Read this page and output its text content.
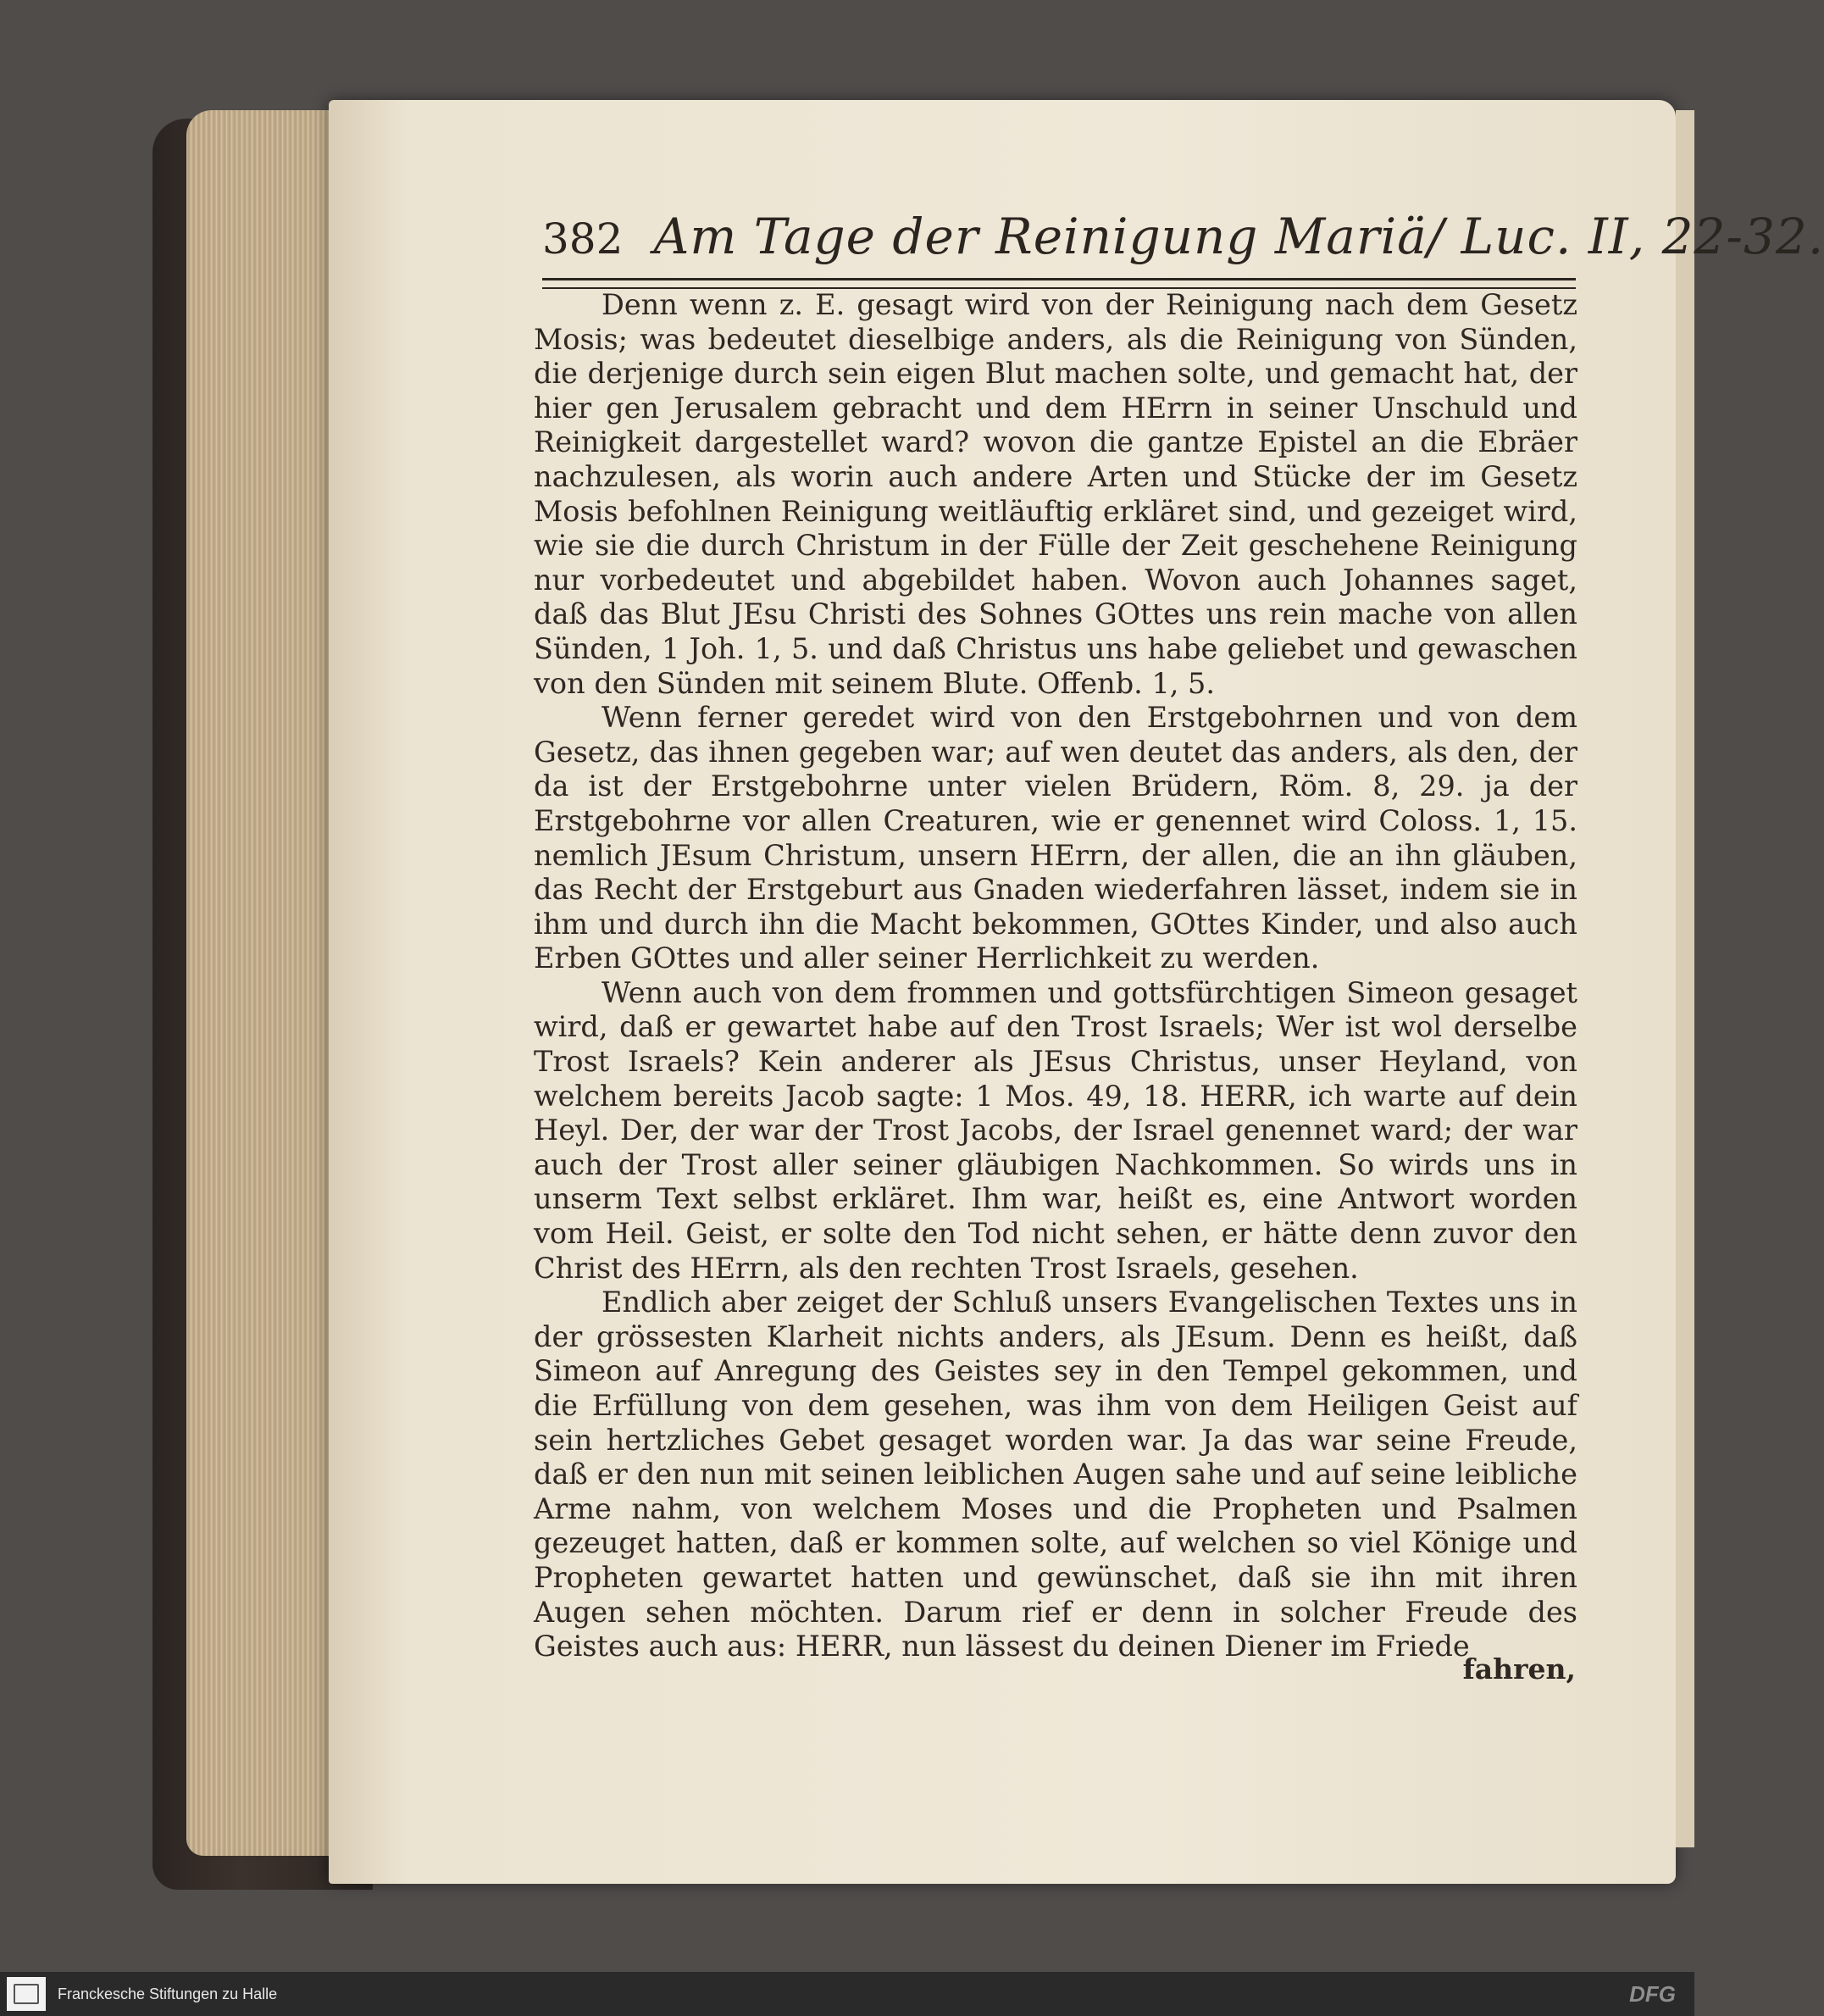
382 Am Tage der Reinigung Mariä/ Luc. II, 22-32.

Denn wenn z. E. gesagt wird von der Reinigung nach dem Gesetz Mosis; was bedeutet dieselbige anders, als die Reinigung von Sünden, die derjenige durch sein eigen Blut machen solte, und gemacht hat, der hier gen Jerusalem gebracht und dem HErrn in seiner Unschuld und Reinigkeit dargestellet ward? wovon die gantze Epistel an die Ebräer nachzulesen, als worin auch andere Arten und Stücke der im Gesetz Mosis befohlnen Reinigung weitläuftig erkläret sind, und gezeiget wird, wie sie die durch Christum in der Fülle der Zeit geschehene Reinigung nur vorbedeutet und abgebildet haben. Wovon auch Johannes saget, daß das Blut JEsu Christi des Sohnes GOttes uns rein mache von allen Sünden, 1 Joh. 1, 5. und daß Christus uns habe geliebet und gewaschen von den Sünden mit seinem Blute. Offenb. 1, 5.

Wenn ferner geredet wird von den Erstgebohrnen und von dem Gesetz, das ihnen gegeben war; auf wen deutet das anders, als den, der da ist der Erstgebohrne unter vielen Brüdern, Röm. 8, 29. ja der Erstgebohrne vor allen Creaturen, wie er genennet wird Coloss. 1, 15. nemlich JEsum Christum, unsern HErrn, der allen, die an ihn gläuben, das Recht der Erstgeburt aus Gnaden wiederfahren lässet, indem sie in ihm und durch ihn die Macht bekommen, GOttes Kinder, und also auch Erben GOttes und aller seiner Herrlichkeit zu werden.

Wenn auch von dem frommen und gottsfürchtigen Simeon gesaget wird, daß er gewartet habe auf den Trost Israels; Wer ist wol derselbe Trost Israels? Kein anderer als JEsus Christus, unser Heyland, von welchem bereits Jacob sagte: 1 Mos. 49, 18. HERR, ich warte auf dein Heyl. Der, der war der Trost Jacobs, der Israel genennet ward; der war auch der Trost aller seiner gläubigen Nachkommen. So wirds uns in unserm Text selbst erkläret. Ihm war, heißt es, eine Antwort worden vom Heil. Geist, er solte den Tod nicht sehen, er hätte denn zuvor den Christ des HErrn, als den rechten Trost Israels, gesehen.

Endlich aber zeiget der Schluß unsers Evangelischen Textes uns in der grössesten Klarheit nichts anders, als JEsum. Denn es heißt, daß Simeon auf Anregung des Geistes sey in den Tempel gekommen, und die Erfüllung von dem gesehen, was ihm von dem Heiligen Geist auf sein hertzliches Gebet gesaget worden war. Ja das war seine Freude, daß er den nun mit seinen leiblichen Augen sahe und auf seine leibliche Arme nahm, von welchem Moses und die Propheten und Psalmen gezeuget hatten, daß er kommen solte, auf welchen so viel Könige und Propheten gewartet hatten und gewünschet, daß sie ihn mit ihren Augen sehen möchten. Darum rief er denn in solcher Freude des Geistes auch aus: HERR, nun lässest du deinen Diener im Friede

fahren,
Franckesche Stiftungen zu Halle	DFG
